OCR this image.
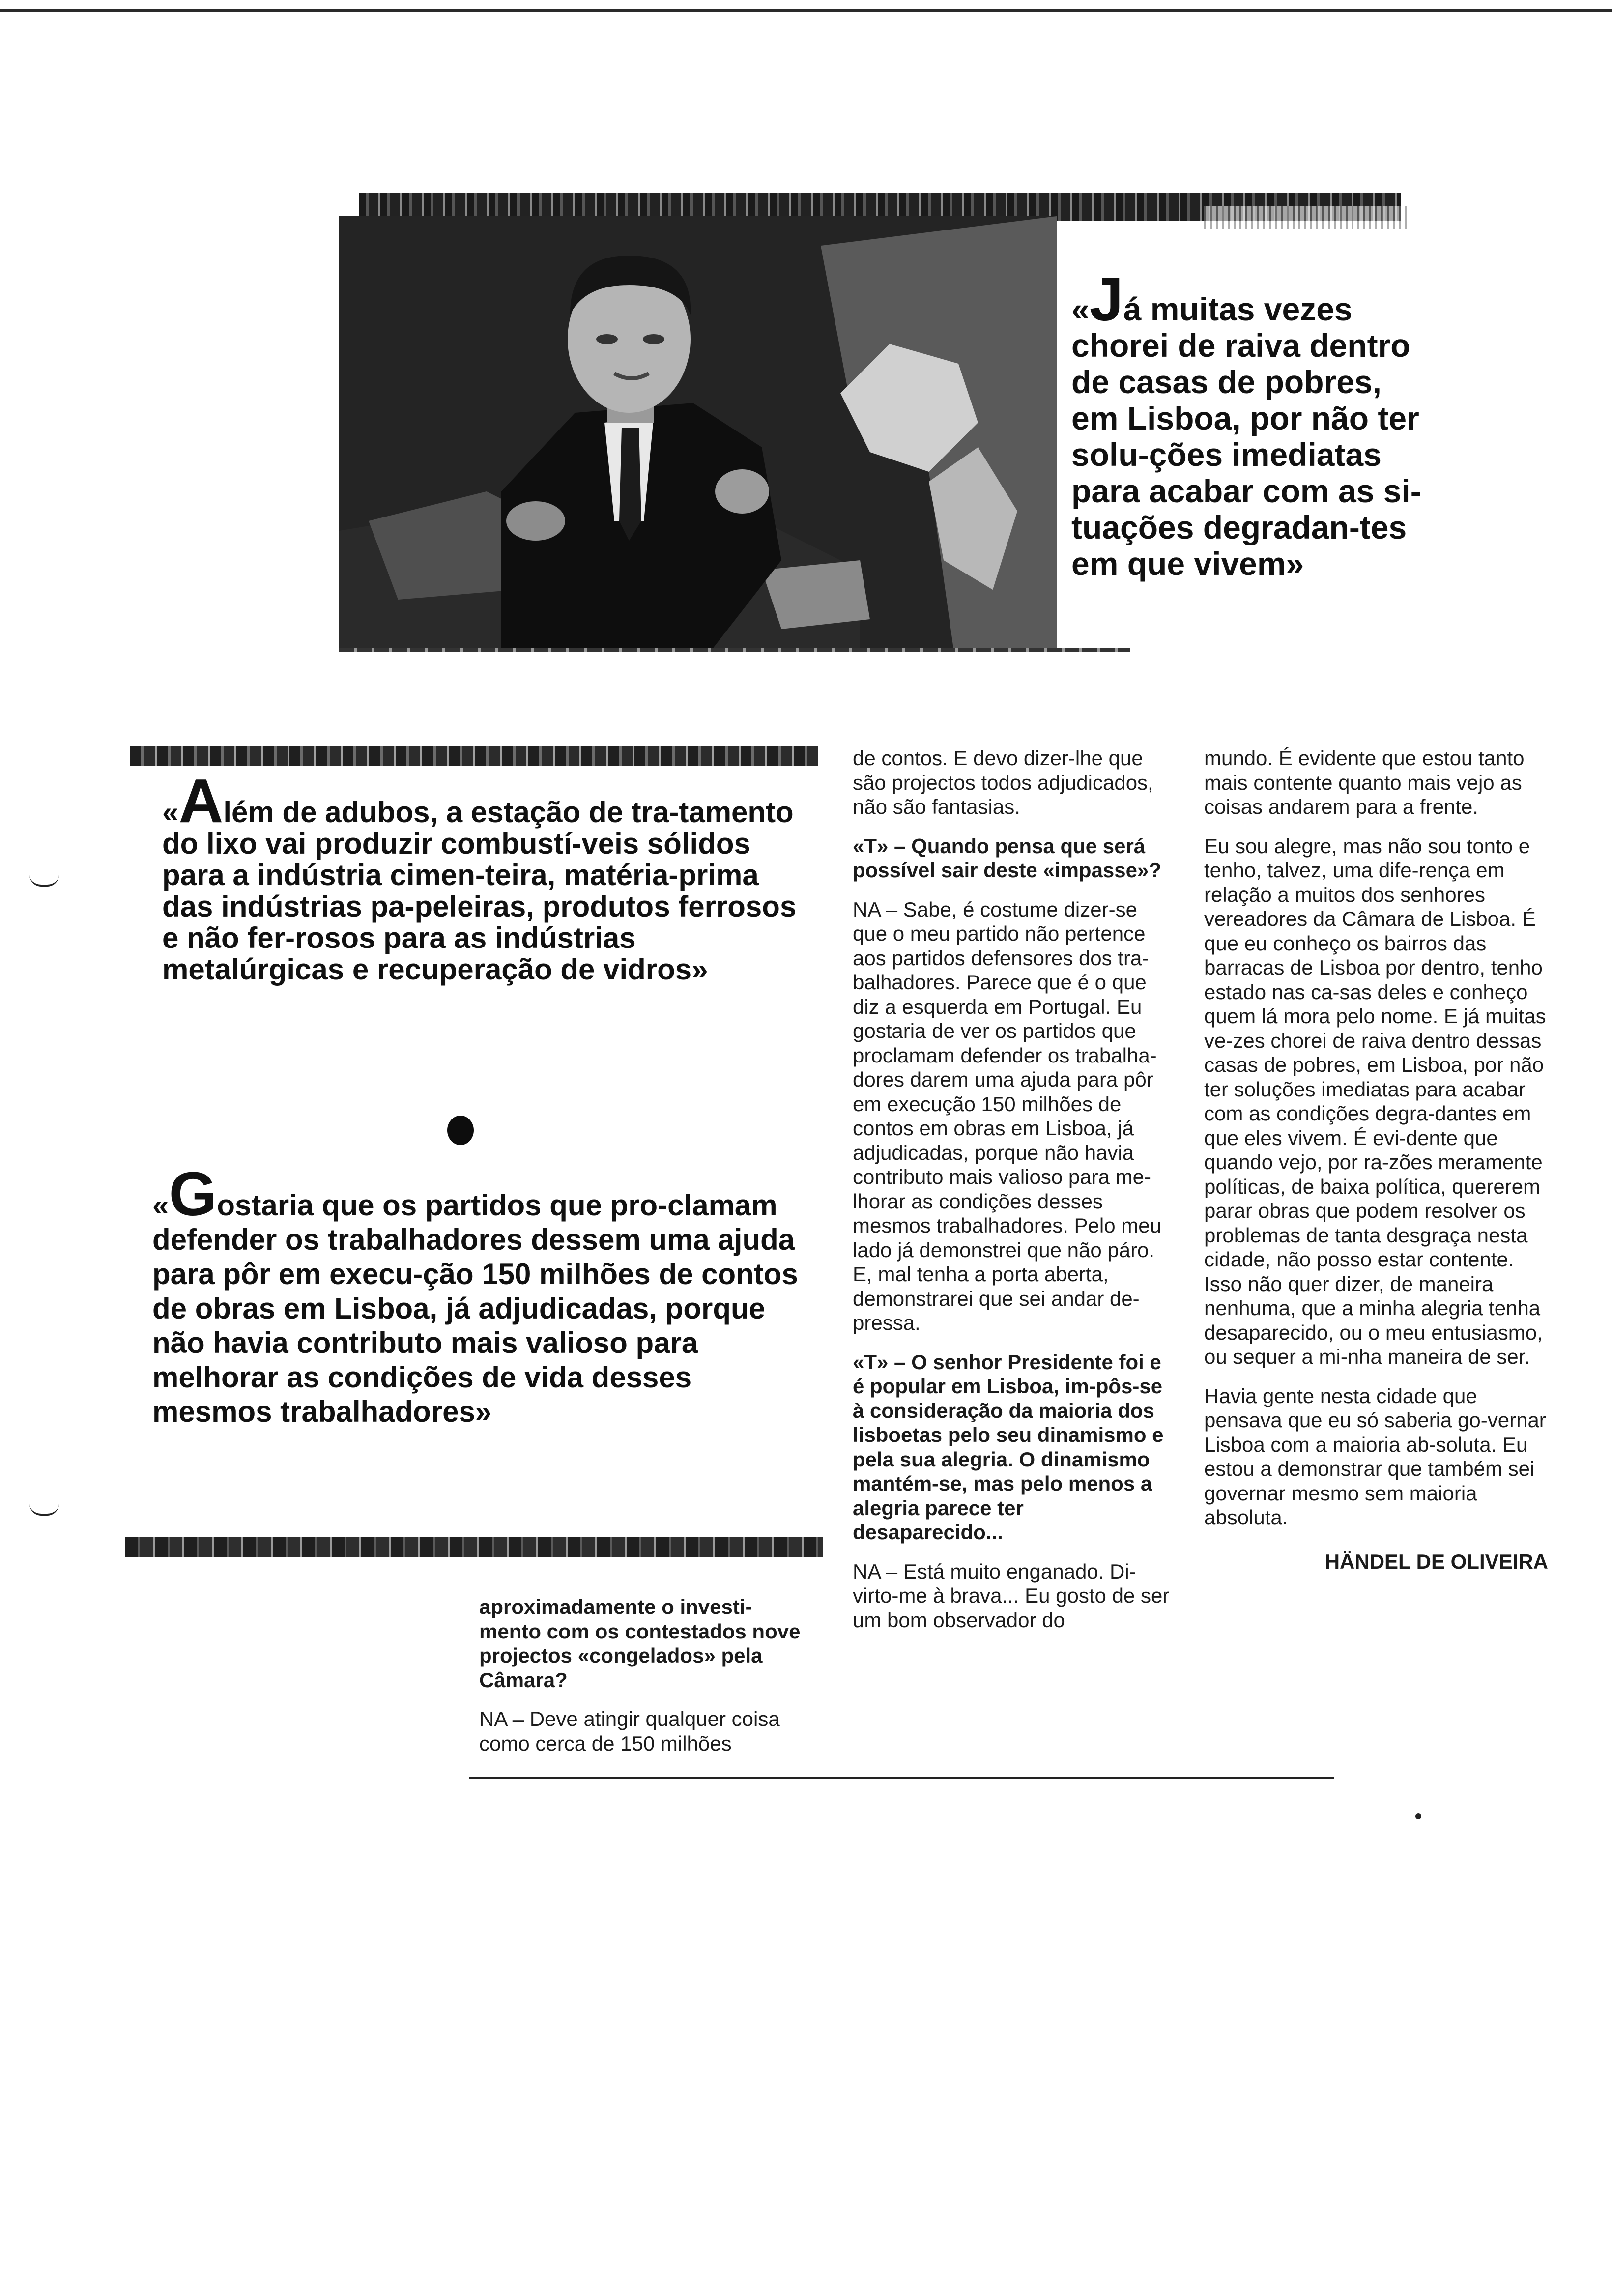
«Já muitas vezes chorei de raiva dentro de casas de pobres, em Lisboa, por não ter solu-ções imediatas para acabar com as si-tuações degradan-tes em que vivem»
«Além de adubos, a estação de tra-tamento do lixo vai produzir combustí-veis sólidos para a indústria cimen-teira, matéria-prima das indústrias pa-peleiras, produtos ferrosos e não fer-rosos para as indústrias metalúrgicas e recuperação de vidros»
«Gostaria que os partidos que pro-clamam defender os trabalhadores dessem uma ajuda para pôr em execu-ção 150 milhões de contos de obras em Lisboa, já adjudicadas, porque não havia contributo mais valioso para melhorar as condições de vida desses mesmos trabalhadores»

aproximadamente o investi-mento com os contestados nove projectos «congelados» pela Câmara?

NA – Deve atingir qualquer coisa como cerca de 150 milhões

de contos. E devo dizer-lhe que são projectos todos adjudicados, não são fantasias.

«T» – Quando pensa que será possível sair deste «impasse»?

NA – Sabe, é costume dizer-se que o meu partido não pertence aos partidos defensores dos tra-balhadores. Parece que é o que diz a esquerda em Portugal. Eu gostaria de ver os partidos que proclamam defender os trabalha-dores darem uma ajuda para pôr em execução 150 milhões de contos em obras em Lisboa, já adjudicadas, porque não havia contributo mais valioso para me-lhorar as condições desses mesmos trabalhadores. Pelo meu lado já demonstrei que não páro. E, mal tenha a porta aberta, demonstrarei que sei andar de-pressa.

«T» – O senhor Presidente foi e é popular em Lisboa, im-pôs-se à consideração da maioria dos lisboetas pelo seu dinamismo e pela sua alegria. O dinamismo mantém-se, mas pelo menos a alegria parece ter desaparecido...

NA – Está muito enganado. Di-virto-me à brava... Eu gosto de ser um bom observador do

mundo. É evidente que estou tanto mais contente quanto mais vejo as coisas andarem para a frente.

Eu sou alegre, mas não sou tonto e tenho, talvez, uma dife-rença em relação a muitos dos senhores vereadores da Câmara de Lisboa. É que eu conheço os bairros das barracas de Lisboa por dentro, tenho estado nas ca-sas deles e conheço quem lá mora pelo nome. E já muitas ve-zes chorei de raiva dentro dessas casas de pobres, em Lisboa, por não ter soluções imediatas para acabar com as condições degra-dantes em que eles vivem. É evi-dente que quando vejo, por ra-zões meramente políticas, de baixa política, quererem parar obras que podem resolver os problemas de tanta desgraça nesta cidade, não posso estar contente. Isso não quer dizer, de maneira nenhuma, que a minha alegria tenha desaparecido, ou o meu entusiasmo, ou sequer a mi-nha maneira de ser.

Havia gente nesta cidade que pensava que eu só saberia go-vernar Lisboa com a maioria ab-soluta. Eu estou a demonstrar que também sei governar mesmo sem maioria absoluta.

HÄNDEL DE OLIVEIRA
